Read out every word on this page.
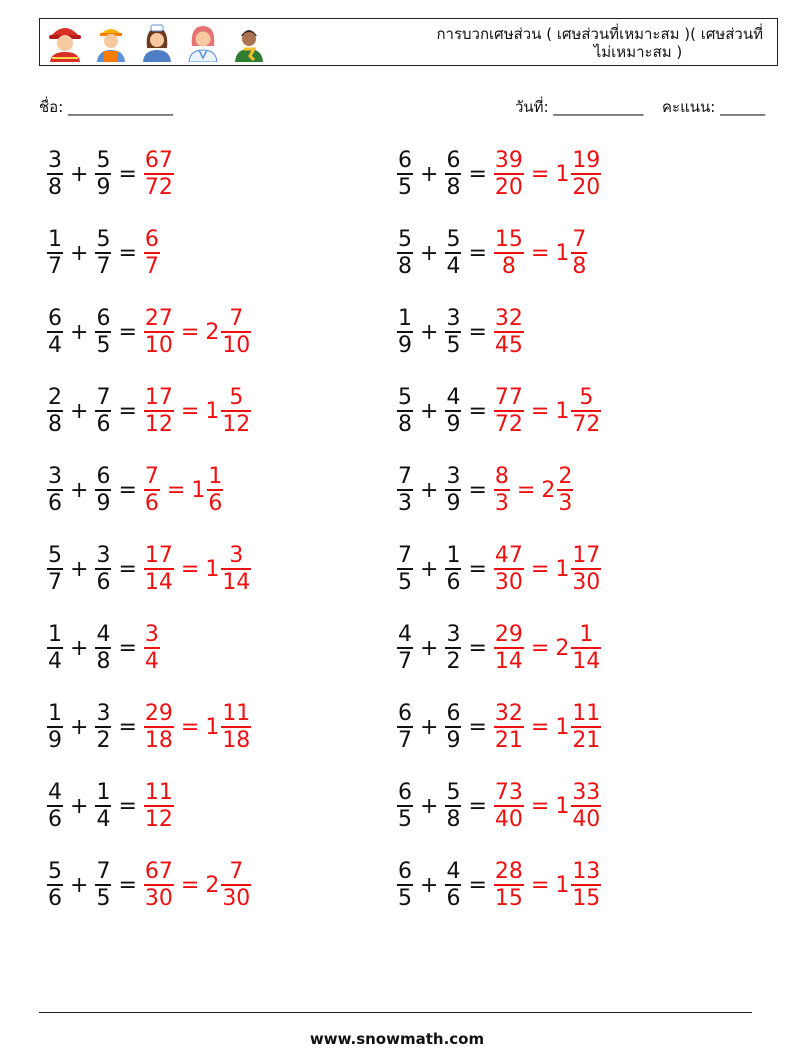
การบวกเศษส่วน ( เศษส่วนที่เหมาะสม )( เศษส่วนที่
ไม่เหมาะสม )
ชื่อ: ______________	วันที่: ____________ คะแนน: ______
$\frac{3}{8} + \frac{5}{9} = \frac{67}{72}$	$\frac{6}{5} + \frac{6}{8} = \frac{39}{20} = 1 \frac{19}{20}$
$\frac{1}{7} + \frac{5}{7} = \frac{6}{7}$	$\frac{5}{8} + \frac{5}{4} = \frac{15}{8} = 1 \frac{7}{8}$
$\frac{6}{4} + \frac{6}{5} = \frac{27}{10} = 2 \frac{7}{10}$	$\frac{1}{9} + \frac{3}{5} = \frac{32}{45}$
$\frac{2}{8} + \frac{7}{6} = \frac{17}{12} = 1 \frac{5}{12}$	$\frac{5}{8} + \frac{4}{9} = \frac{77}{72} = 1 \frac{5}{72}$
$\frac{3}{6} + \frac{6}{9} = \frac{7}{6} = 1 \frac{1}{6}$	$\frac{7}{3} + \frac{3}{9} = \frac{8}{3} = 2 \frac{2}{3}$
$\frac{5}{7} + \frac{3}{6} = \frac{17}{14} = 1 \frac{3}{14}$	$\frac{7}{5} + \frac{1}{6} = \frac{47}{30} = 1 \frac{17}{30}$
$\frac{1}{4} + \frac{4}{8} = \frac{3}{4}$	$\frac{4}{7} + \frac{3}{2} = \frac{29}{14} = 2 \frac{1}{14}$
$\frac{1}{9} + \frac{3}{2} = \frac{29}{18} = 1 \frac{11}{18}$	$\frac{6}{7} + \frac{6}{9} = \frac{32}{21} = 1 \frac{11}{21}$
$\frac{4}{6} + \frac{1}{4} = \frac{11}{12}$	$\frac{6}{5} + \frac{5}{8} = \frac{73}{40} = 1 \frac{33}{40}$
$\frac{5}{6} + \frac{7}{5} = \frac{67}{30} = 2 \frac{7}{30}$	$\frac{6}{5} + \frac{4}{6} = \frac{28}{15} = 1 \frac{13}{15}$
www.snowmath.com
